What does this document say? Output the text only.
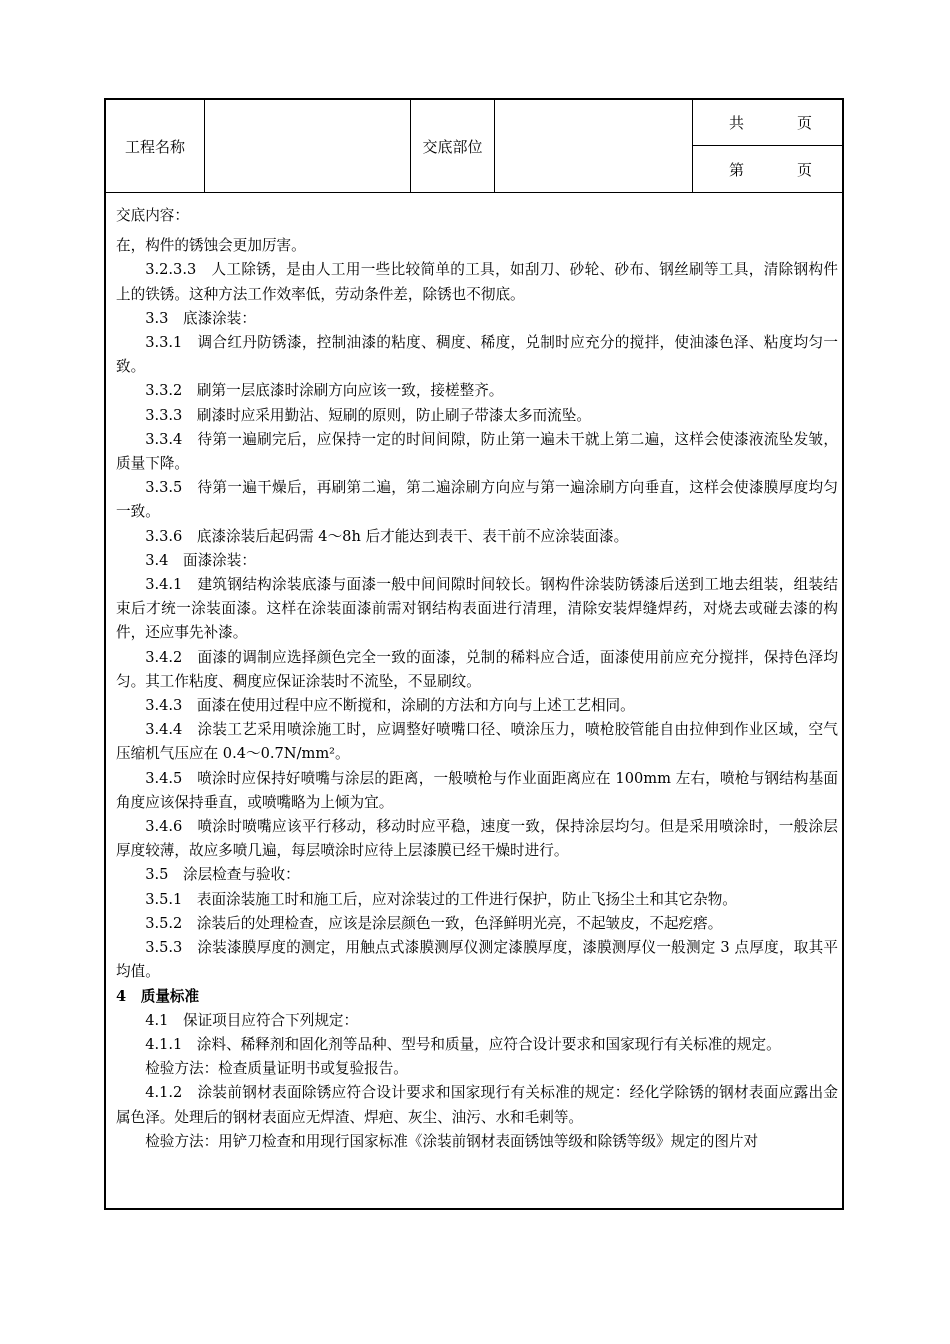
工程名称	交底部位
共	页
第	页

交底内容：

在，构件的锈蚀会更加厉害。

3.2.3.3　人工除锈，是由人工用一些比较简单的工具，如刮刀、砂轮、砂布、钢丝刷等工具，清除钢构件上的铁锈。这种方法工作效率低，劳动条件差，除锈也不彻底。

3.3　底漆涂装：

3.3.1　调合红丹防锈漆，控制油漆的粘度、稠度、稀度，兑制时应充分的搅拌，使油漆色泽、粘度均匀一致。

3.3.2　刷第一层底漆时涂刷方向应该一致，接槎整齐。

3.3.3　刷漆时应采用勤沾、短刷的原则，防止刷子带漆太多而流坠。

3.3.4　待第一遍刷完后，应保持一定的时间间隙，防止第一遍未干就上第二遍，这样会使漆液流坠发皱，质量下降。

3.3.5　待第一遍干燥后，再刷第二遍，第二遍涂刷方向应与第一遍涂刷方向垂直，这样会使漆膜厚度均匀一致。

3.3.6　底漆涂装后起码需 4～8h 后才能达到表干、表干前不应涂装面漆。

3.4　面漆涂装：

3.4.1　建筑钢结构涂装底漆与面漆一般中间间隙时间较长。钢构件涂装防锈漆后送到工地去组装，组装结束后才统一涂装面漆。这样在涂装面漆前需对钢结构表面进行清理，清除安装焊缝焊药，对烧去或碰去漆的构件，还应事先补漆。

3.4.2　面漆的调制应选择颜色完全一致的面漆，兑制的稀料应合适，面漆使用前应充分搅拌，保持色泽均匀。其工作粘度、稠度应保证涂装时不流坠，不显刷纹。

3.4.3　面漆在使用过程中应不断搅和，涂刷的方法和方向与上述工艺相同。

3.4.4　涂装工艺采用喷涂施工时，应调整好喷嘴口径、喷涂压力，喷枪胶管能自由拉伸到作业区域，空气压缩机气压应在 0.4～0.7N/mm²。

3.4.5　喷涂时应保持好喷嘴与涂层的距离，一般喷枪与作业面距离应在 100mm 左右，喷枪与钢结构基面角度应该保持垂直，或喷嘴略为上倾为宜。

3.4.6　喷涂时喷嘴应该平行移动，移动时应平稳，速度一致，保持涂层均匀。但是采用喷涂时，一般涂层厚度较薄，故应多喷几遍，每层喷涂时应待上层漆膜已经干燥时进行。

3.5　涂层检查与验收：

3.5.1　表面涂装施工时和施工后，应对涂装过的工件进行保护，防止飞扬尘土和其它杂物。

3.5.2　涂装后的处理检查，应该是涂层颜色一致，色泽鲜明光亮，不起皱皮，不起疙瘩。

3.5.3　涂装漆膜厚度的测定，用触点式漆膜测厚仪测定漆膜厚度，漆膜测厚仪一般测定 3 点厚度，取其平均值。

4　质量标准

4.1　保证项目应符合下列规定：

4.1.1　涂料、稀释剂和固化剂等品种、型号和质量，应符合设计要求和国家现行有关标准的规定。

检验方法：检查质量证明书或复验报告。

4.1.2　涂装前钢材表面除锈应符合设计要求和国家现行有关标准的规定：经化学除锈的钢材表面应露出金属色泽。处理后的钢材表面应无焊渣、焊疤、灰尘、油污、水和毛刺等。

检验方法：用铲刀检查和用现行国家标准《涂装前钢材表面锈蚀等级和除锈等级》规定的图片对
